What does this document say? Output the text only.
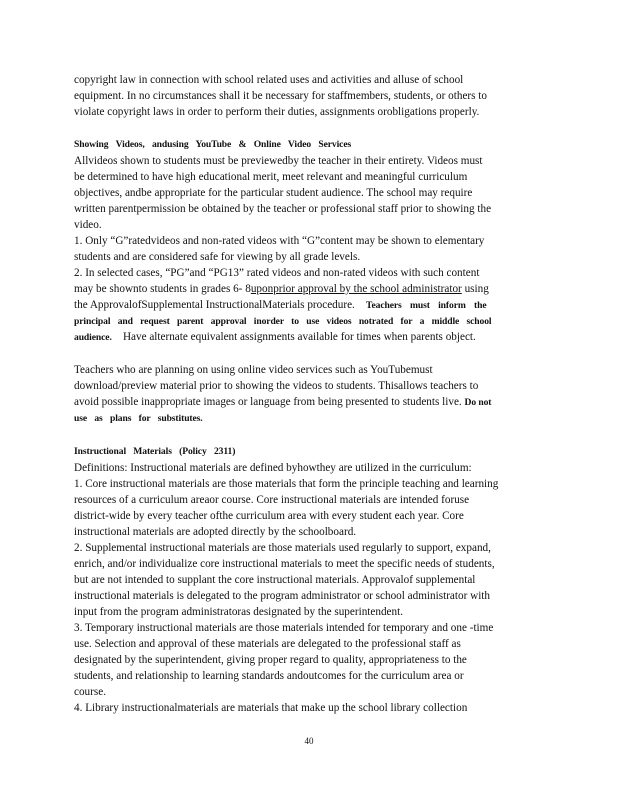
copyright law in connection with school related uses and activities and alluse of school
equipment. In no circumstances shall it be necessary for staffmembers, students, or others to
violate copyright laws in order to perform their duties, assignments orobligations properly.
Showing Videos, andusing YouTube & Online Video Services
Allvideos shown to students must be previewedby the teacher in their entirety. Videos must
be determined to have high educational merit, meet relevant and meaningful curriculum
objectives, andbe appropriate for the particular student audience. The school may require
written parentpermission be obtained by the teacher or professional staff prior to showing the
video.
1. Only “G”ratedvideos and non-rated videos with “G”content may be shown to elementary
students and are considered safe for viewing by all grade levels.
2. In selected cases, “PG”and “PG13” rated videos and non-rated videos with such content
may be shownto students in grades 6- 8uponprior approval by the school administrator using
the ApprovalofSupplemental InstructionalMaterials procedure. Teachers must inform the
principal and request parent approval inorder to use videos notrated for a middle school
audience. Have alternate equivalent assignments available for times when parents object.
Teachers who are planning on using online video services such as YouTubemust
download/preview material prior to showing the videos to students. Thisallows teachers to
avoid possible inappropriate images or language from being presented to students live. Do not
use as plans for substitutes.
Instructional Materials (Policy 2311)
Definitions: Instructional materials are defined byhowthey are utilized in the curriculum:
1. Core instructional materials are those materials that form the principle teaching and learning
resources of a curriculum areaor course. Core instructional materials are intended foruse
district-wide by every teacher ofthe curriculum area with every student each year. Core
instructional materials are adopted directly by the schoolboard.
2. Supplemental instructional materials are those materials used regularly to support, expand,
enrich, and/or individualize core instructional materials to meet the specific needs of students,
but are not intended to supplant the core instructional materials. Approvalof supplemental
instructional materials is delegated to the program administrator or school administrator with
input from the program administratoras designated by the superintendent.
3. Temporary instructional materials are those materials intended for temporary and one -time
use. Selection and approval of these materials are delegated to the professional staff as
designated by the superintendent, giving proper regard to quality, appropriateness to the
students, and relationship to learning standards andoutcomes for the curriculum area or
course.
4. Library instructionalmaterials are materials that make up the school library collection
40
